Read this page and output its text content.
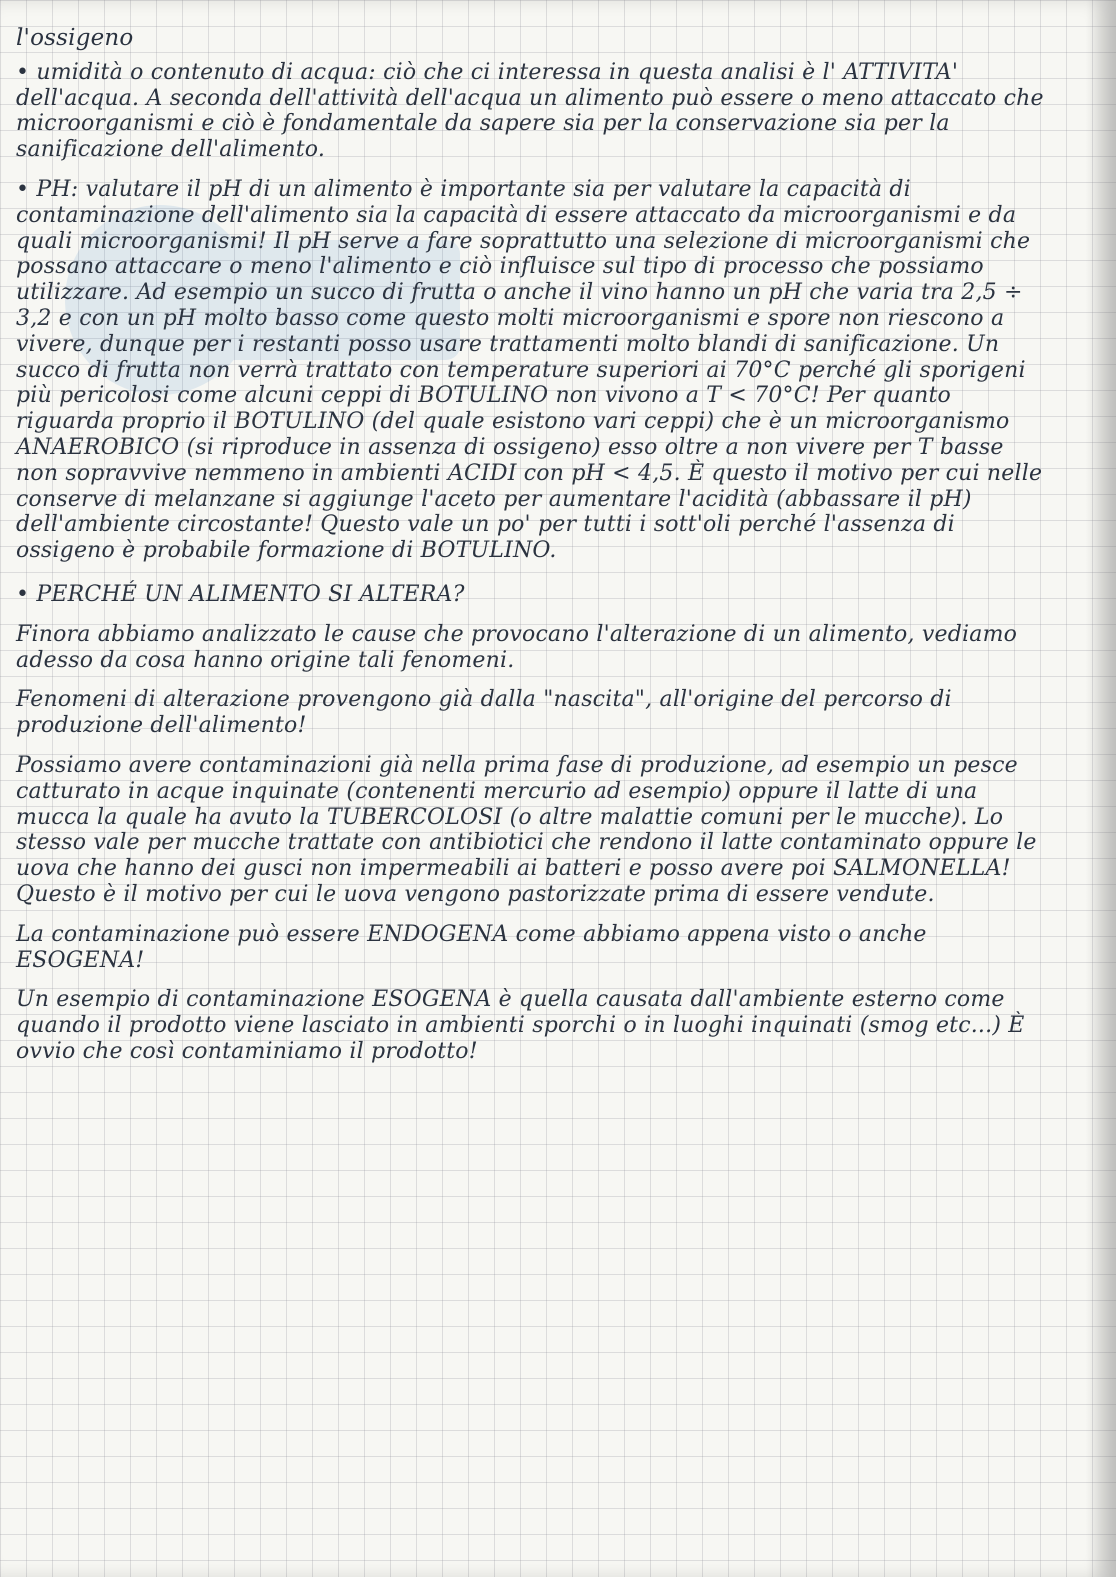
l'ossigeno

• umidità o contenuto di acqua: ciò che ci interessa in questa analisi è l' ATTIVITA' dell'acqua. A seconda dell'attività dell'acqua un alimento può essere o meno attaccato che microorganismi e ciò è fondamentale da sapere sia per la conservazione sia per la sanificazione dell'alimento.

• PH: valutare il pH di un alimento è importante sia per valutare la capacità di contaminazione dell'alimento sia la capacità di essere attaccato da microorganismi e da quali microorganismi! Il pH serve a fare soprattutto una selezione di microorganismi che possano attaccare o meno l'alimento e ciò influisce sul tipo di processo che possiamo utilizzare. Ad esempio un succo di frutta o anche il vino hanno un pH che varia tra 2,5 ÷ 3,2 e con un pH molto basso come questo molti microorganismi e spore non riescono a vivere, dunque per i restanti posso usare trattamenti molto blandi di sanificazione. Un succo di frutta non verrà trattato con temperature superiori ai 70°C perché gli sporigeni più pericolosi come alcuni ceppi di BOTULINO non vivono a T < 70°C! Per quanto riguarda proprio il BOTULINO (del quale esistono vari ceppi) che è un microorganismo ANAEROBICO (si riproduce in assenza di ossigeno) esso oltre a non vivere per T basse non sopravvive nemmeno in ambienti ACIDI con pH < 4,5. È questo il motivo per cui nelle conserve di melanzane si aggiunge l'aceto per aumentare l'acidità (abbassare il pH) dell'ambiente circostante! Questo vale un po' per tutti i sott'oli perché l'assenza di ossigeno è probabile formazione di BOTULINO.

• PERCHÉ UN ALIMENTO SI ALTERA?

Finora abbiamo analizzato le cause che provocano l'alterazione di un alimento, vediamo adesso da cosa hanno origine tali fenomeni.

Fenomeni di alterazione provengono già dalla "nascita", all'origine del percorso di produzione dell'alimento!

Possiamo avere contaminazioni già nella prima fase di produzione, ad esempio un pesce catturato in acque inquinate (contenenti mercurio ad esempio) oppure il latte di una mucca la quale ha avuto la TUBERCOLOSI (o altre malattie comuni per le mucche). Lo stesso vale per mucche trattate con antibiotici che rendono il latte contaminato oppure le uova che hanno dei gusci non impermeabili ai batteri e posso avere poi SALMONELLA! Questo è il motivo per cui le uova vengono pastorizzate prima di essere vendute.

La contaminazione può essere ENDOGENA come abbiamo appena visto o anche ESOGENA!

Un esempio di contaminazione ESOGENA è quella causata dall'ambiente esterno come quando il prodotto viene lasciato in ambienti sporchi o in luoghi inquinati (smog etc...) È ovvio che così contaminiamo il prodotto!
